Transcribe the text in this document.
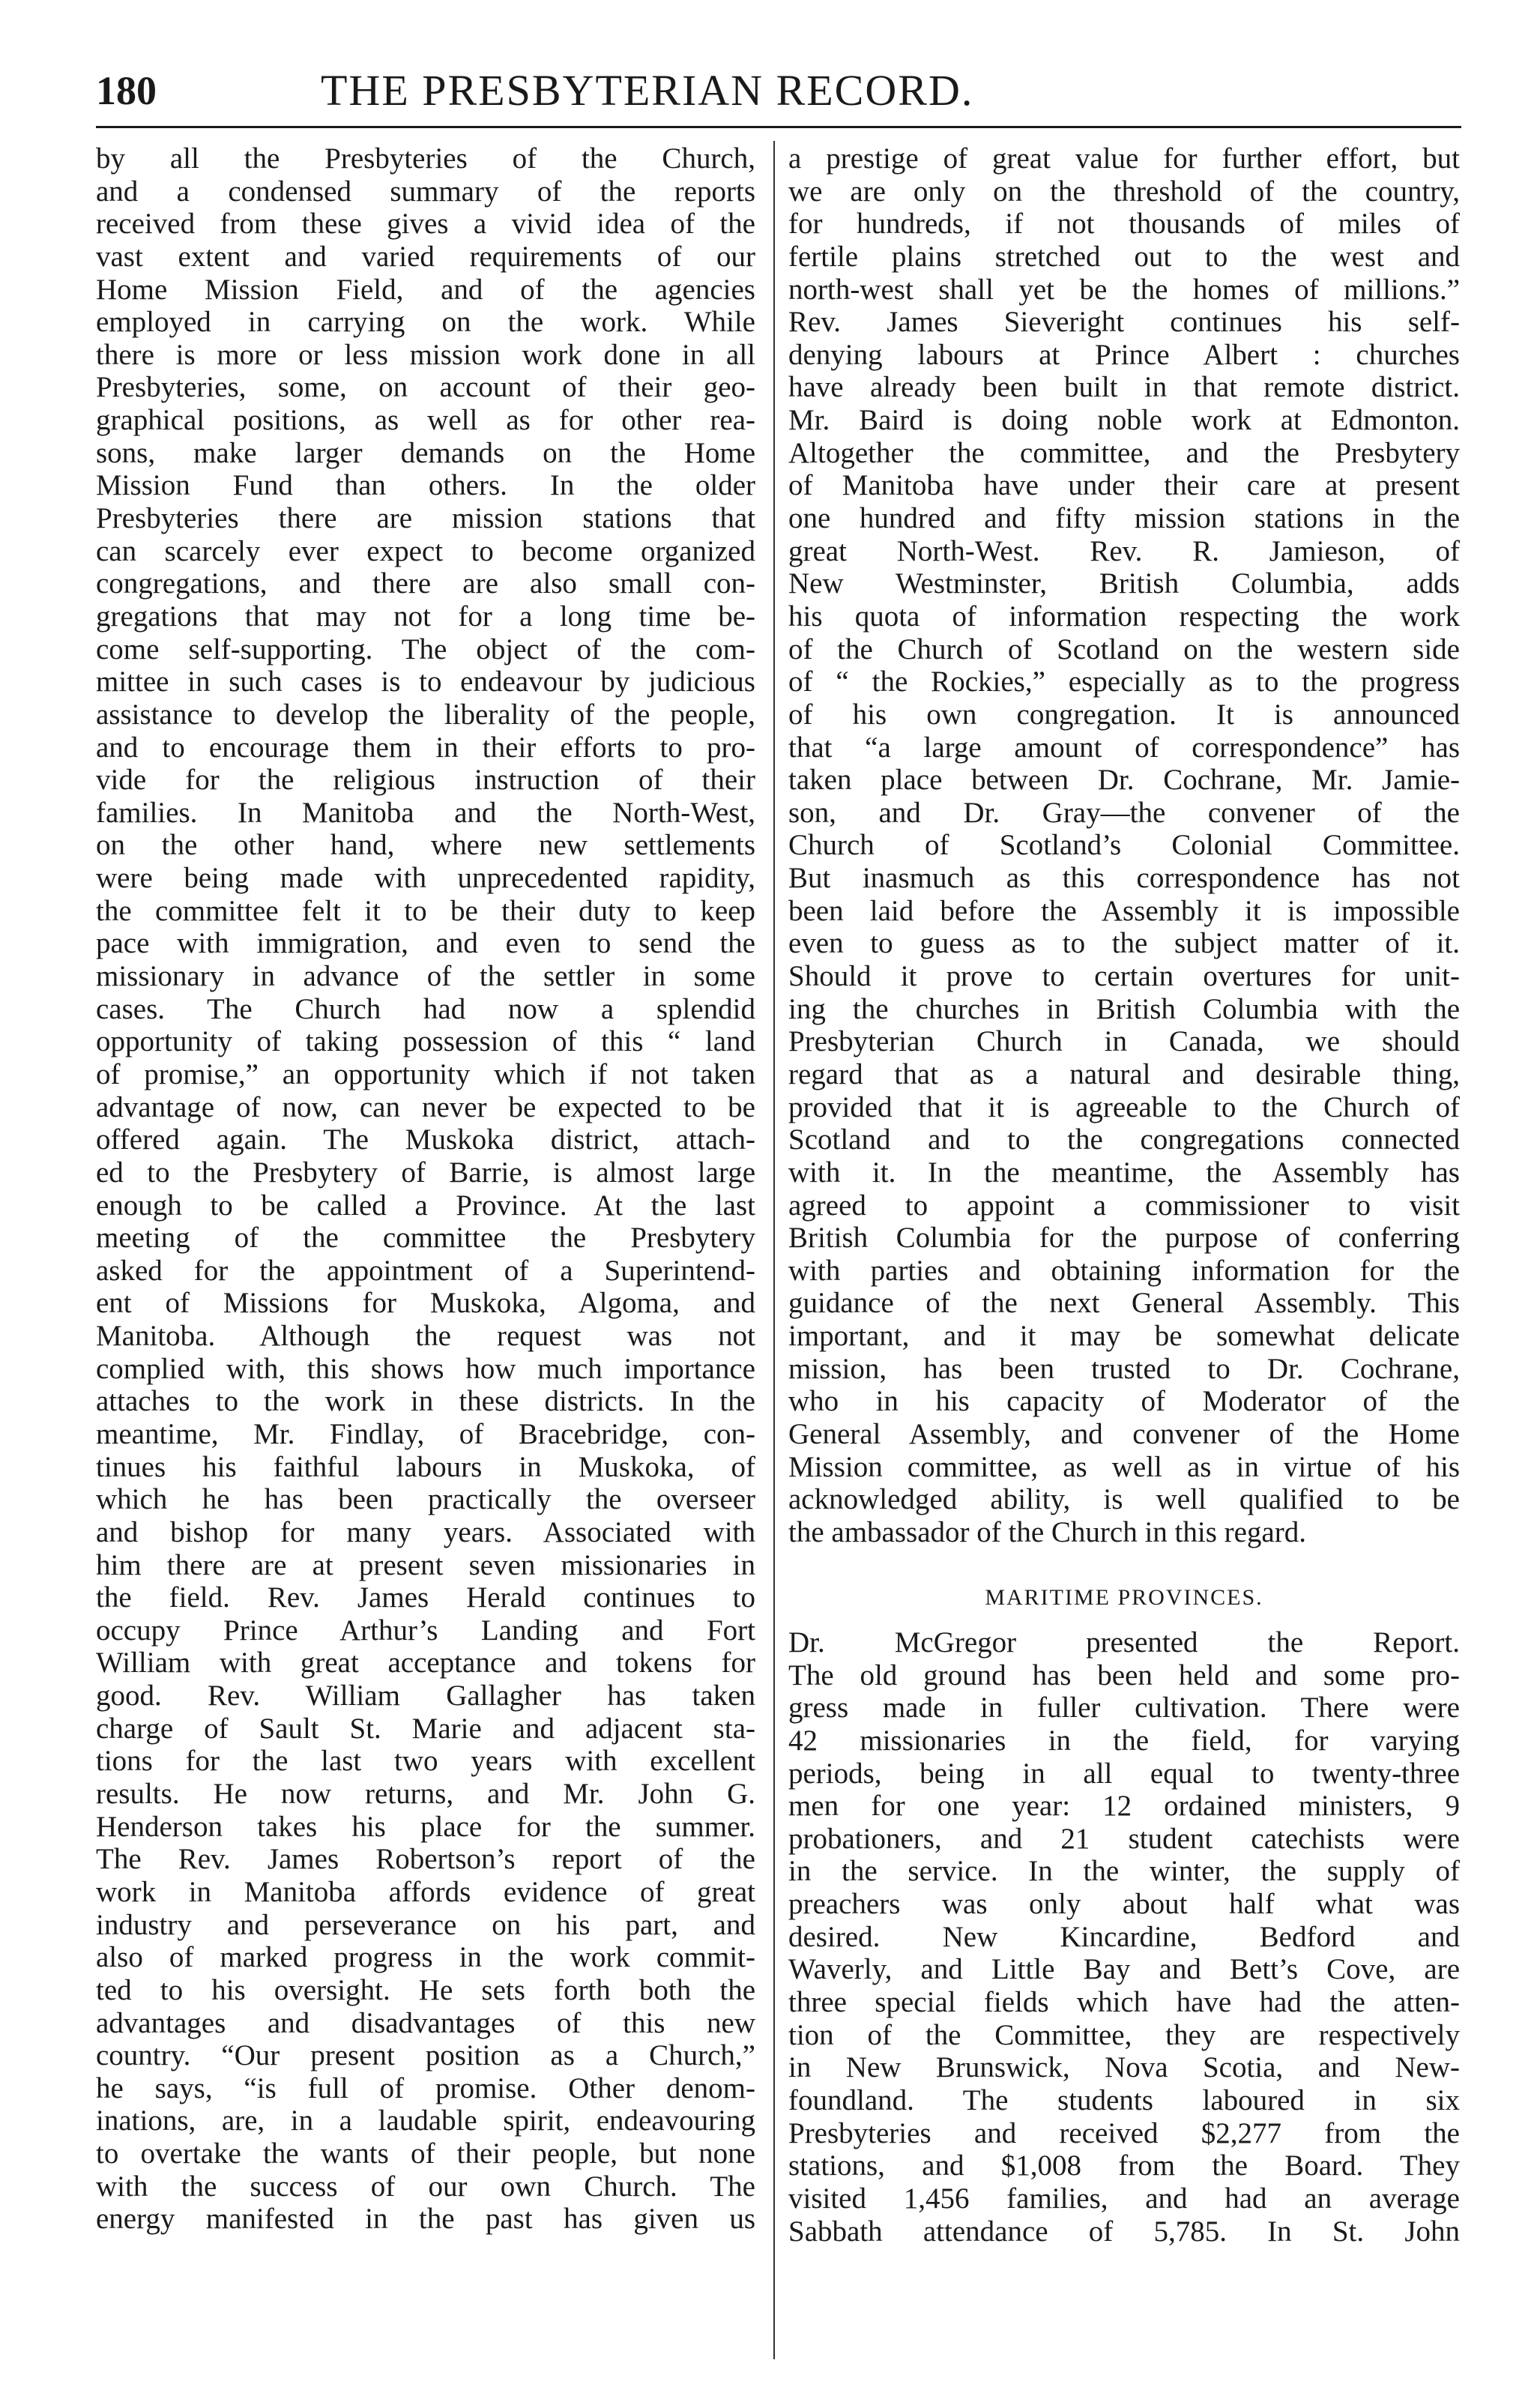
180	THE PRESBYTERIAN RECORD.
by all the Presbyteries of the Church,
and a condensed summary of the reports
received from these gives a vivid idea of the
vast extent and varied requirements of our
Home Mission Field, and of the agencies
employed in carrying on the work. While
there is more or less mission work done in all
Presbyteries, some, on account of their geo-
graphical positions, as well as for other rea-
sons, make larger demands on the Home
Mission Fund than others. In the older
Presbyteries there are mission stations that
can scarcely ever expect to become organized
congregations, and there are also small con-
gregations that may not for a long time be-
come self-supporting. The object of the com-
mittee in such cases is to endeavour by judicious
assistance to develop the liberality of the people,
and to encourage them in their efforts to pro-
vide for the religious instruction of their
families. In Manitoba and the North-West,
on the other hand, where new settlements
were being made with unprecedented rapidity,
the committee felt it to be their duty to keep
pace with immigration, and even to send the
missionary in advance of the settler in some
cases. The Church had now a splendid
opportunity of taking possession of this “ land
of promise,” an opportunity which if not taken
advantage of now, can never be expected to be
offered again. The Muskoka district, attach-
ed to the Presbytery of Barrie, is almost large
enough to be called a Province. At the last
meeting of the committee the Presbytery
asked for the appointment of a Superintend-
ent of Missions for Muskoka, Algoma, and
Manitoba. Although the request was not
complied with, this shows how much importance
attaches to the work in these districts. In the
meantime, Mr. Findlay, of Bracebridge, con-
tinues his faithful labours in Muskoka, of
which he has been practically the overseer
and bishop for many years. Associated with
him there are at present seven missionaries in
the field. Rev. James Herald continues to
occupy Prince Arthur’s Landing and Fort
William with great acceptance and tokens for
good. Rev. William Gallagher has taken
charge of Sault St. Marie and adjacent sta-
tions for the last two years with excellent
results. He now returns, and Mr. John G.
Henderson takes his place for the summer.
The Rev. James Robertson’s report of the
work in Manitoba affords evidence of great
industry and perseverance on his part, and
also of marked progress in the work commit-
ted to his oversight. He sets forth both the
advantages and disadvantages of this new
country. “Our present position as a Church,”
he says, “is full of promise. Other denom-
inations, are, in a laudable spirit, endeavouring
to overtake the wants of their people, but none
with the success of our own Church. The
energy manifested in the past has given us
a prestige of great value for further effort, but
we are only on the threshold of the country,
for hundreds, if not thousands of miles of
fertile plains stretched out to the west and
north-west shall yet be the homes of millions.”
Rev. James Sieveright continues his self-
denying labours at Prince Albert : churches
have already been built in that remote district.
Mr. Baird is doing noble work at Edmonton.
Altogether the committee, and the Presbytery
of Manitoba have under their care at present
one hundred and fifty mission stations in the
great North-West. Rev. R. Jamieson, of
New Westminster, British Columbia, adds
his quota of information respecting the work
of the Church of Scotland on the western side
of “ the Rockies,” especially as to the progress
of his own congregation. It is announced
that “a large amount of correspondence” has
taken place between Dr. Cochrane, Mr. Jamie-
son, and Dr. Gray—the convener of the
Church of Scotland’s Colonial Committee.
But inasmuch as this correspondence has not
been laid before the Assembly it is impossible
even to guess as to the subject matter of it.
Should it prove to certain overtures for unit-
ing the churches in British Columbia with the
Presbyterian Church in Canada, we should
regard that as a natural and desirable thing,
provided that it is agreeable to the Church of
Scotland and to the congregations connected
with it. In the meantime, the Assembly has
agreed to appoint a commissioner to visit
British Columbia for the purpose of conferring
with parties and obtaining information for the
guidance of the next General Assembly. This
important, and it may be somewhat delicate
mission, has been trusted to Dr. Cochrane,
who in his capacity of Moderator of the
General Assembly, and convener of the Home
Mission committee, as well as in virtue of his
acknowledged ability, is well qualified to be
the ambassador of the Church in this regard.
MARITIME PROVINCES.
Dr. McGregor presented the Report.
The old ground has been held and some pro-
gress made in fuller cultivation. There were
42 missionaries in the field, for varying
periods, being in all equal to twenty-three
men for one year: 12 ordained ministers, 9
probationers, and 21 student catechists were
in the service. In the winter, the supply of
preachers was only about half what was
desired. New Kincardine, Bedford and
Waverly, and Little Bay and Bett’s Cove, are
three special fields which have had the atten-
tion of the Committee, they are respectively
in New Brunswick, Nova Scotia, and New-
foundland. The students laboured in six
Presbyteries and received $2,277 from the
stations, and $1,008 from the Board. They
visited 1,456 families, and had an average
Sabbath attendance of 5,785. In St. John
